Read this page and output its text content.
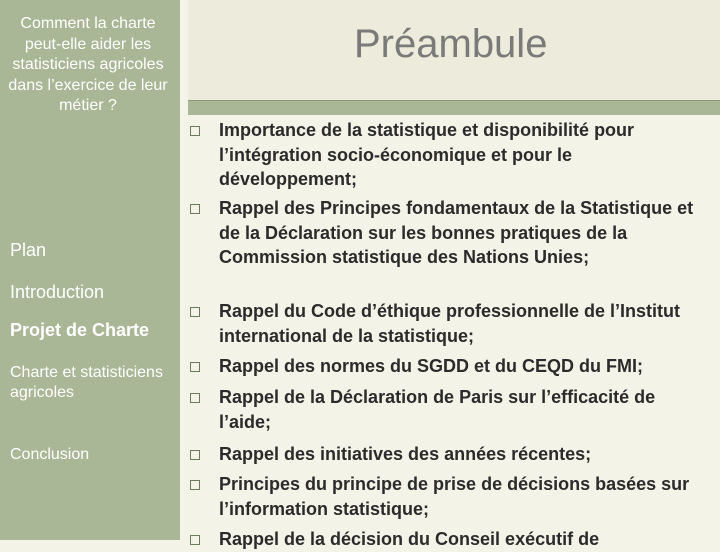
Comment la charte peut-elle aider les statisticiens agricoles dans l’exercice de leur métier ?
Plan
Introduction
Projet de Charte
Charte et statisticiens agricoles
Conclusion
Préambule
Importance de la statistique et disponibilité pour l’intégration socio-économique et pour le développement;
Rappel des Principes fondamentaux de la Statistique et de la Déclaration sur les bonnes pratiques de la Commission statistique des Nations Unies;
Rappel du Code d’éthique professionnelle de l’Institut international de la statistique;
Rappel des normes du SGDD et du CEQD du FMI;
Rappel de la Déclaration de Paris sur l’efficacité de l’aide;
Rappel des initiatives des années récentes;
Principes du principe de prise de décisions basées sur l’information statistique;
Rappel de la décision du Conseil exécutif de
